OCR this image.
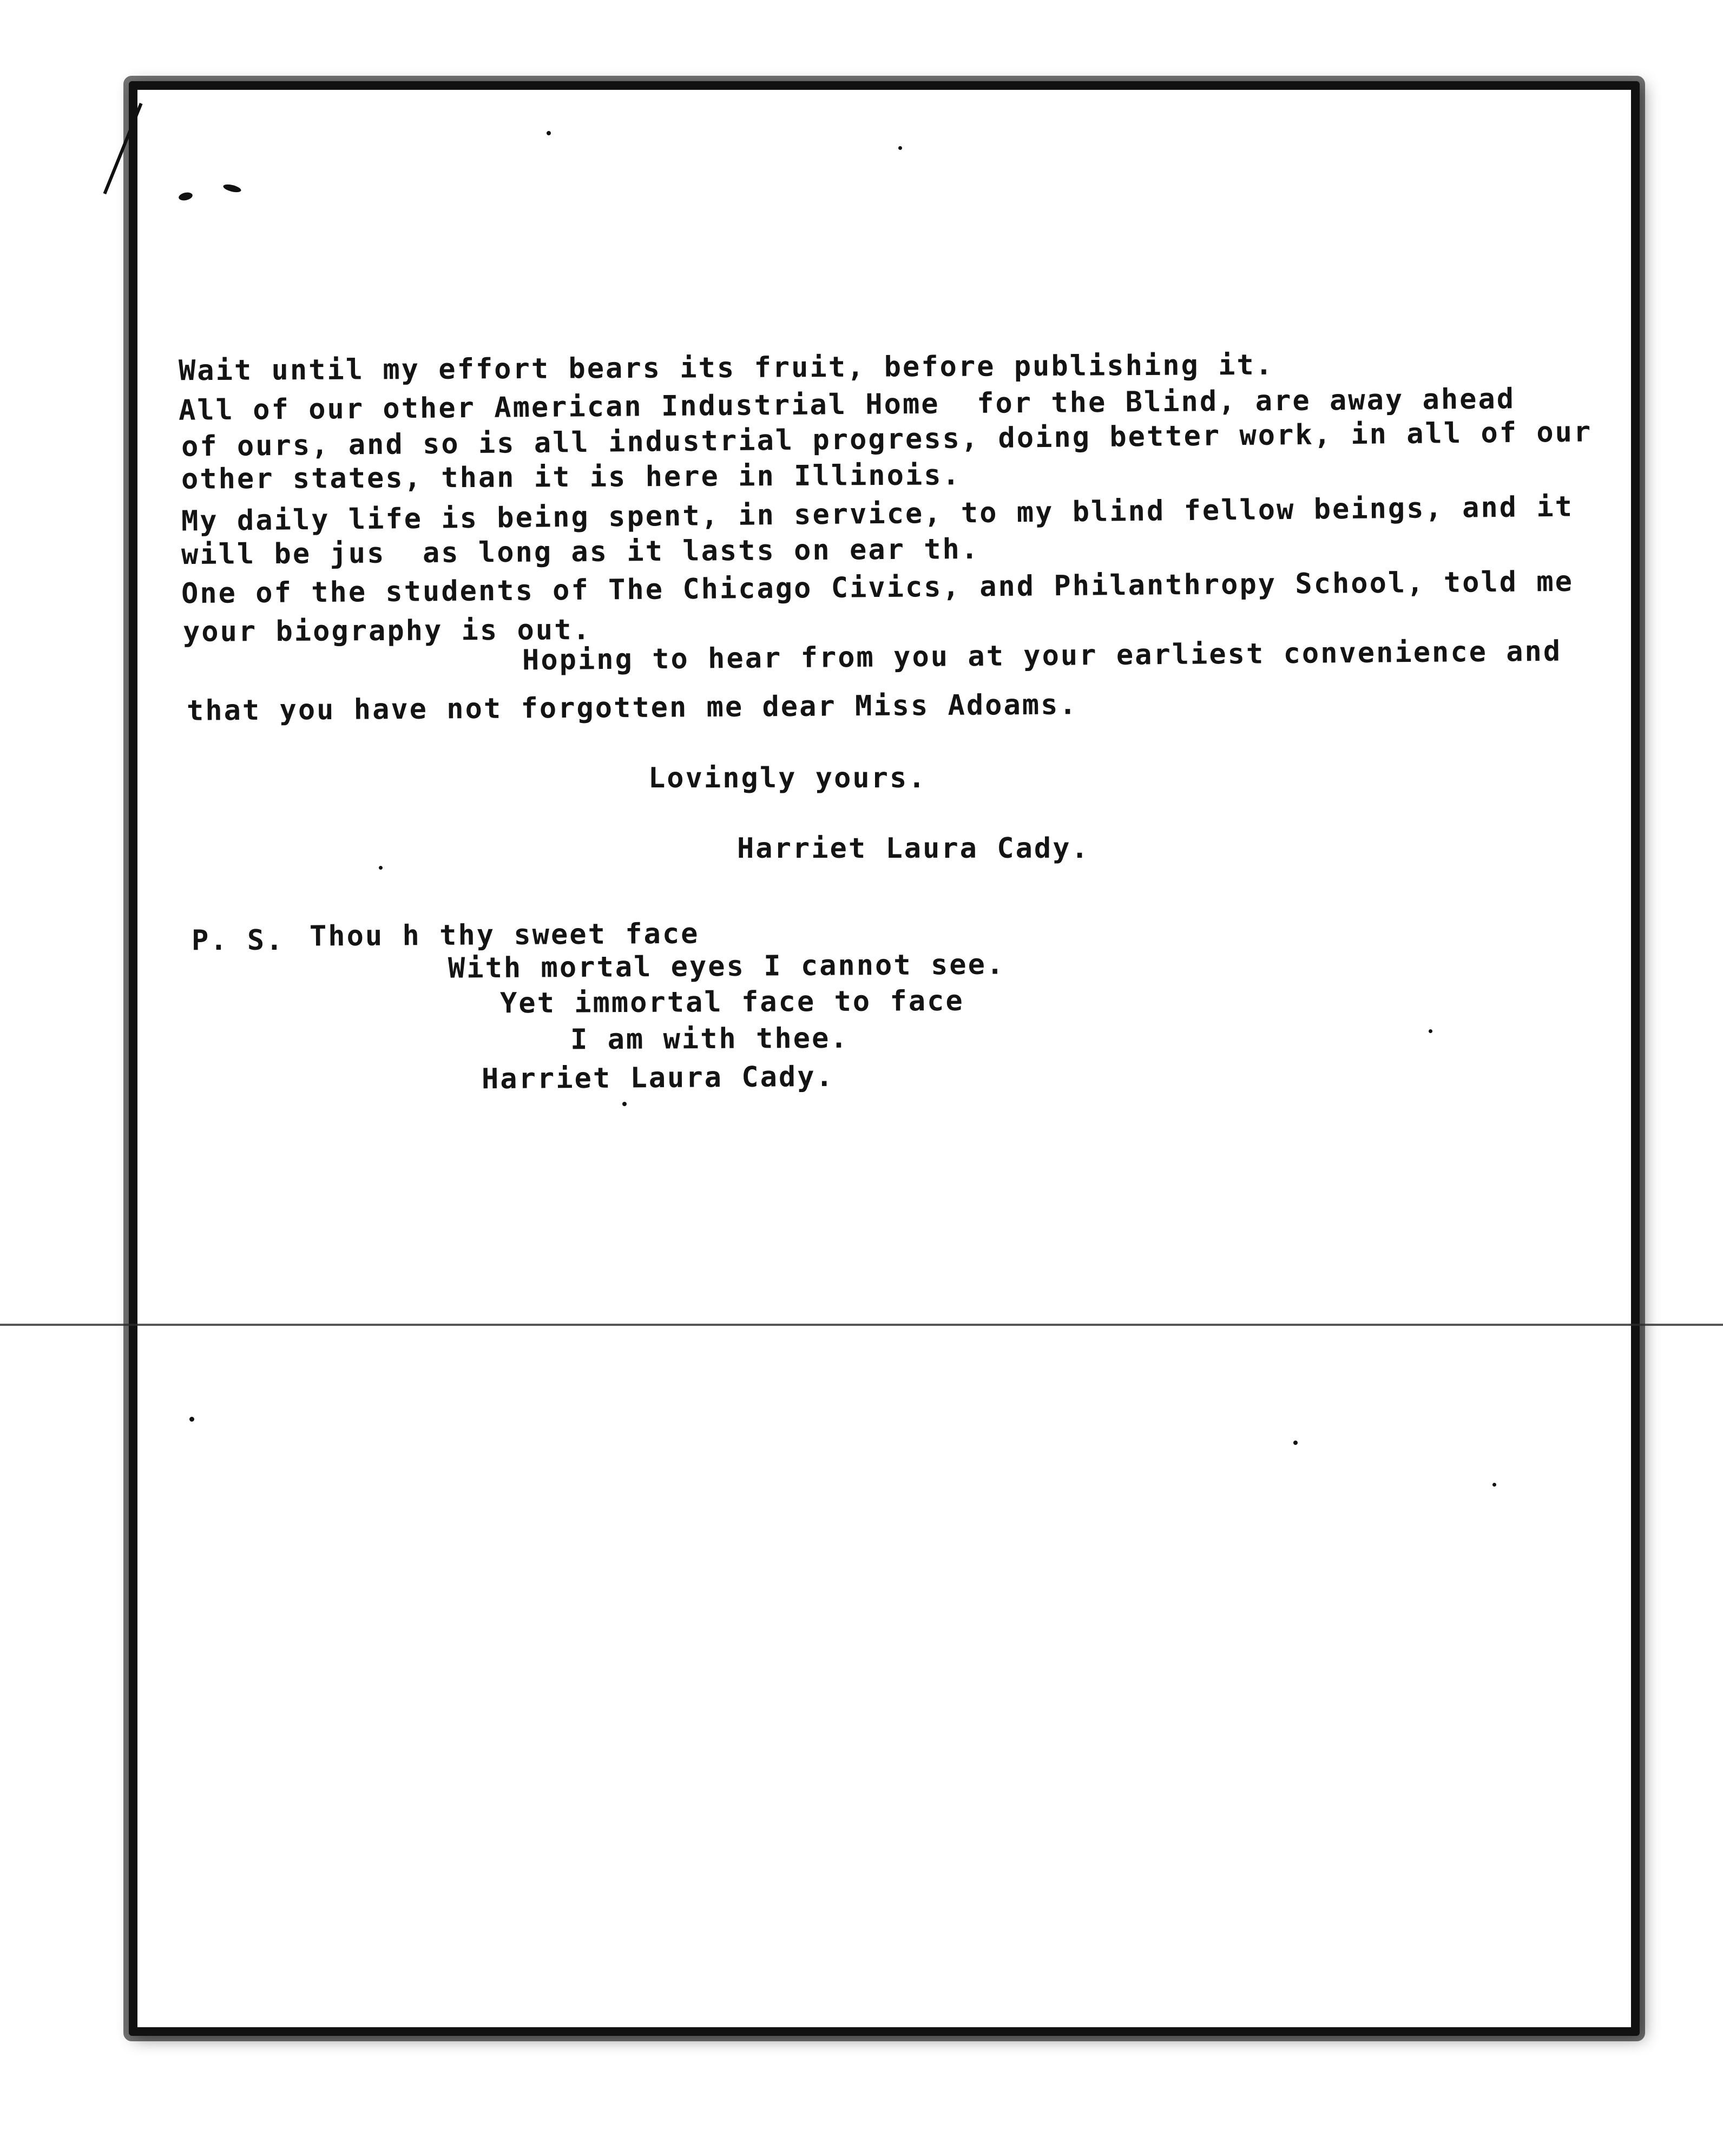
Wait until my effort bears its fruit, before publishing it.

All of our other American Industrial Home  for the Blind, are away ahead

of ours, and so is all industrial progress, doing better work, in all of our

other states, than it is here in Illinois.

My daily life is being spent, in service, to my blind fellow beings, and it

will be jus  as long as it lasts on ear th.

One of the students of The Chicago Civics, and Philanthropy School, told me

your biography is out.

Hoping to hear from you at your earliest convenience and

that you have not forgotten me dear Miss Adoams.

Lovingly yours.

Harriet Laura Cady.

P. S. Thou h thy sweet face

With mortal eyes I cannot see.

Yet immortal face to face

I am with thee.

Harriet Laura Cady.
